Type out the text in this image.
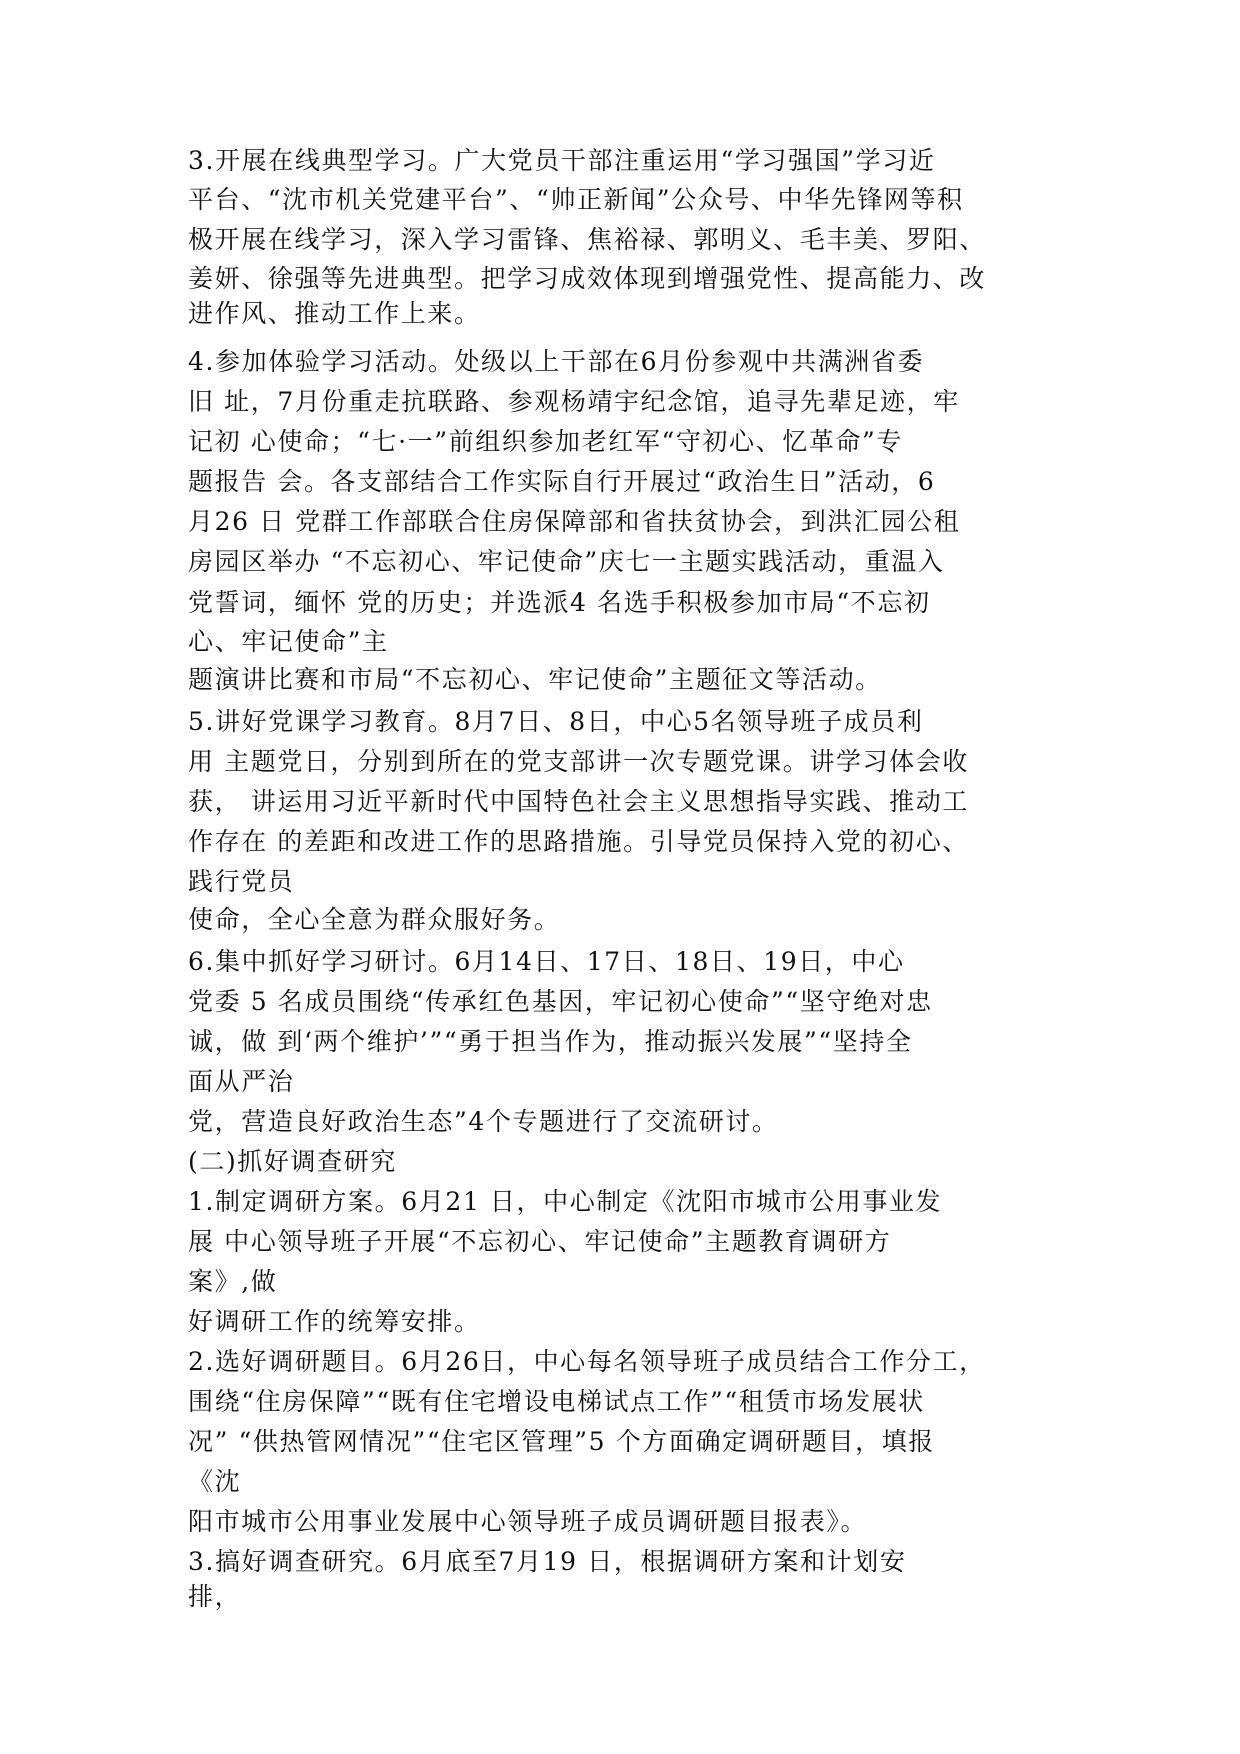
3.开展在线典型学习。广大党员干部注重运用“学习强国”学习近

平台、“沈市机关党建平台”、“帅正新闻”公众号、中华先锋网等积

极开展在线学习，深入学习雷锋、焦裕禄、郭明义、毛丰美、罗阳、

姜妍、徐强等先进典型。把学习成效体现到增强党性、提高能力、改

进作风、推动工作上来。

4.参加体验学习活动。处级以上干部在6月份参观中共满洲省委

旧 址，7月份重走抗联路、参观杨靖宇纪念馆，追寻先辈足迹，牢

记初 心使命；“七·一”前组织参加老红军“守初心、忆革命”专

题报告 会。各支部结合工作实际自行开展过“政治生日”活动，6

月26 日 党群工作部联合住房保障部和省扶贫协会，到洪汇园公租

房园区举办 “不忘初心、牢记使命”庆七一主题实践活动，重温入

党誓词，缅怀 党的历史；并选派4 名选手积极参加市局“不忘初

心、牢记使命”主

题演讲比赛和市局“不忘初心、牢记使命”主题征文等活动。

5.讲好党课学习教育。8月7日、8日，中心5名领导班子成员利

用 主题党日，分别到所在的党支部讲一次专题党课。讲学习体会收

获， 讲运用习近平新时代中国特色社会主义思想指导实践、推动工

作存在 的差距和改进工作的思路措施。引导党员保持入党的初心、

践行党员

使命，全心全意为群众服好务。

6.集中抓好学习研讨。6月14日、17日、18日、19日，中心

党委 5 名成员围绕“传承红色基因，牢记初心使命”“坚守绝对忠

诚，做 到‘两个维护’”“勇于担当作为，推动振兴发展”“坚持全

面从严治

党，营造良好政治生态”4个专题进行了交流研讨。

(二)抓好调查研究

1.制定调研方案。6月21 日，中心制定《沈阳市城市公用事业发

展 中心领导班子开展“不忘初心、牢记使命”主题教育调研方

案》,做

好调研工作的统筹安排。

2.选好调研题目。6月26日，中心每名领导班子成员结合工作分工，

围绕“住房保障”“既有住宅增设电梯试点工作”“租赁市场发展状

况” “供热管网情况”“住宅区管理”5 个方面确定调研题目，填报

《沈

阳市城市公用事业发展中心领导班子成员调研题目报表》。

3.搞好调查研究。6月底至7月19 日，根据调研方案和计划安

排，
